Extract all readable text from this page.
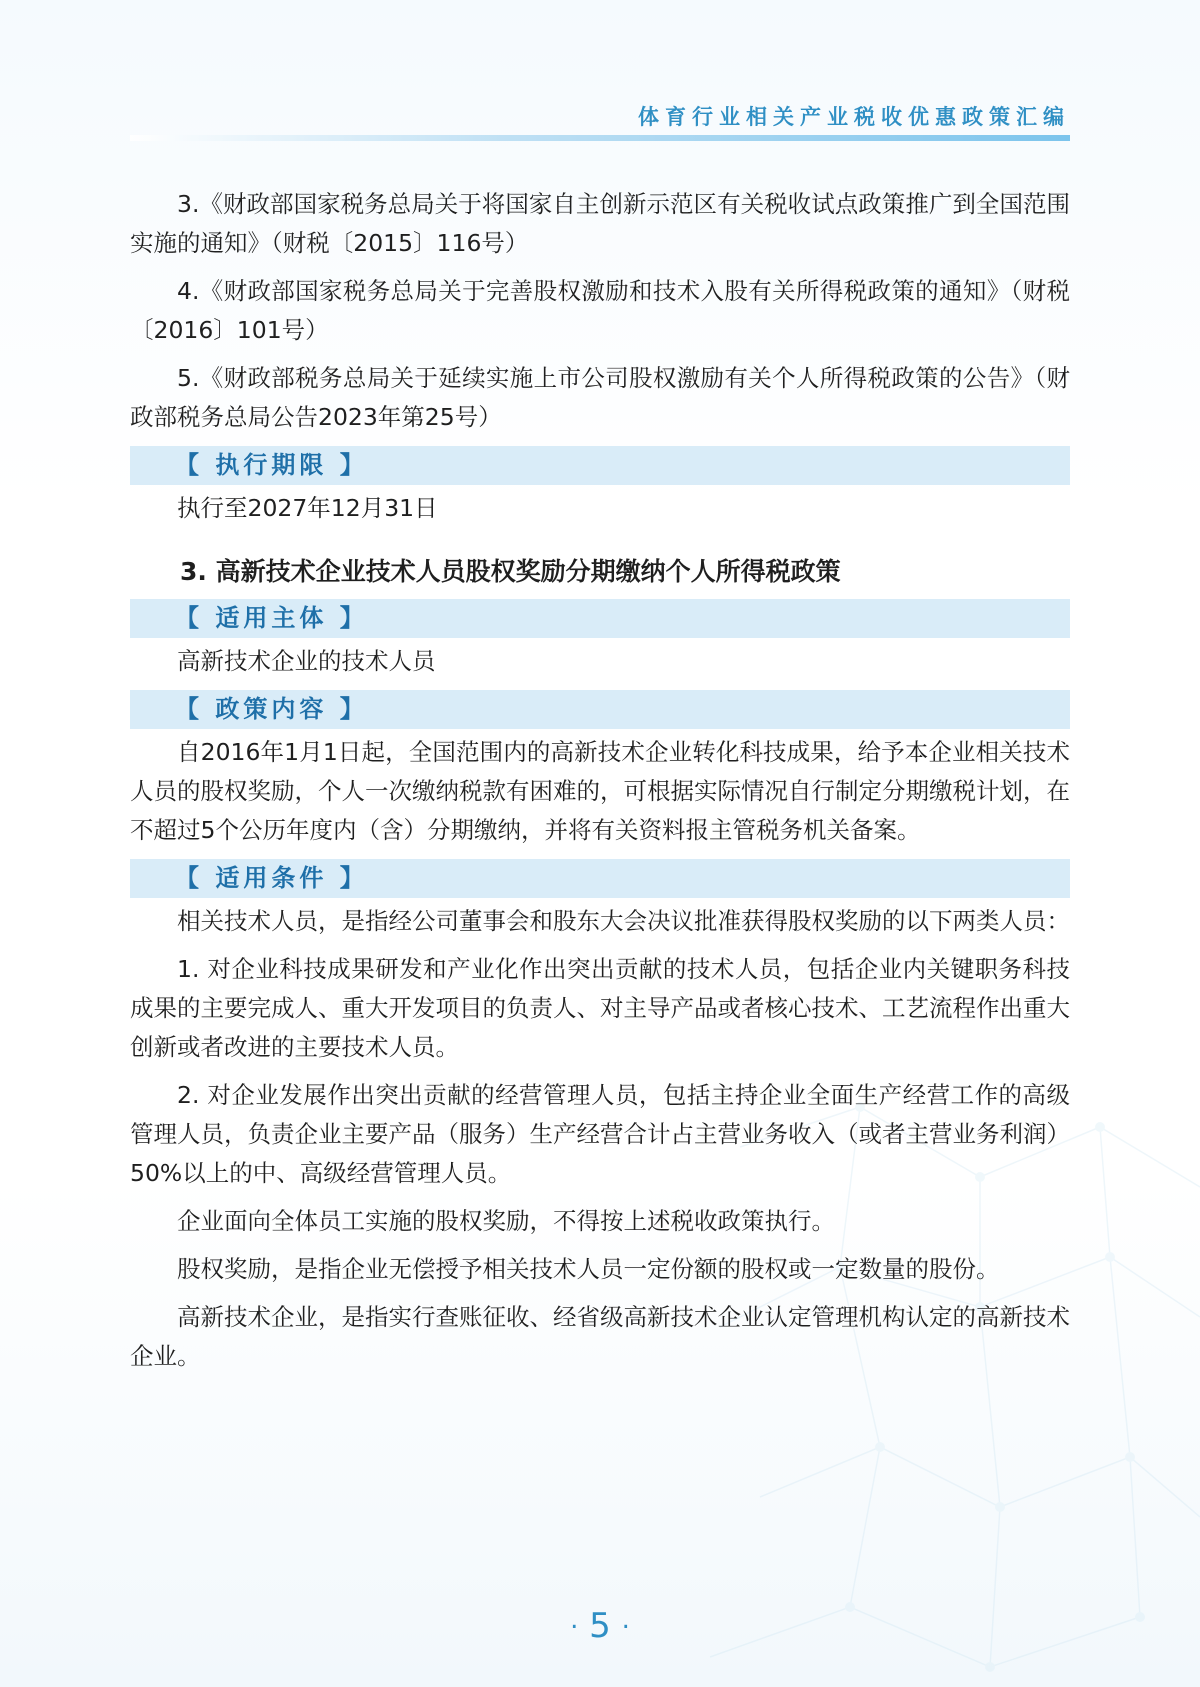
体育行业相关产业税收优惠政策汇编

3.《财政部国家税务总局关于将国家自主创新示范区有关税收试点政策推广到全国范围实施的通知》（财税〔2015〕116号）

4.《财政部国家税务总局关于完善股权激励和技术入股有关所得税政策的通知》（财税〔2016〕101号）

5.《财政部税务总局关于延续实施上市公司股权激励有关个人所得税政策的公告》（财政部税务总局公告2023年第25号）

【 执行期限 】

执行至2027年12月31日

3. 高新技术企业技术人员股权奖励分期缴纳个人所得税政策
【 适用主体 】

高新技术企业的技术人员

【 政策内容 】

自2016年1月1日起，全国范围内的高新技术企业转化科技成果，给予本企业相关技术人员的股权奖励，个人一次缴纳税款有困难的，可根据实际情况自行制定分期缴税计划，在不超过5个公历年度内（含）分期缴纳，并将有关资料报主管税务机关备案。

【 适用条件 】

相关技术人员，是指经公司董事会和股东大会决议批准获得股权奖励的以下两类人员：

1. 对企业科技成果研发和产业化作出突出贡献的技术人员，包括企业内关键职务科技成果的主要完成人、重大开发项目的负责人、对主导产品或者核心技术、工艺流程作出重大创新或者改进的主要技术人员。

2. 对企业发展作出突出贡献的经营管理人员，包括主持企业全面生产经营工作的高级管理人员，负责企业主要产品（服务）生产经营合计占主营业务收入（或者主营业务利润）50%以上的中、高级经营管理人员。

企业面向全体员工实施的股权奖励，不得按上述税收政策执行。

股权奖励，是指企业无偿授予相关技术人员一定份额的股权或一定数量的股份。

高新技术企业，是指实行查账征收、经省级高新技术企业认定管理机构认定的高新技术企业。

· 5 ·
